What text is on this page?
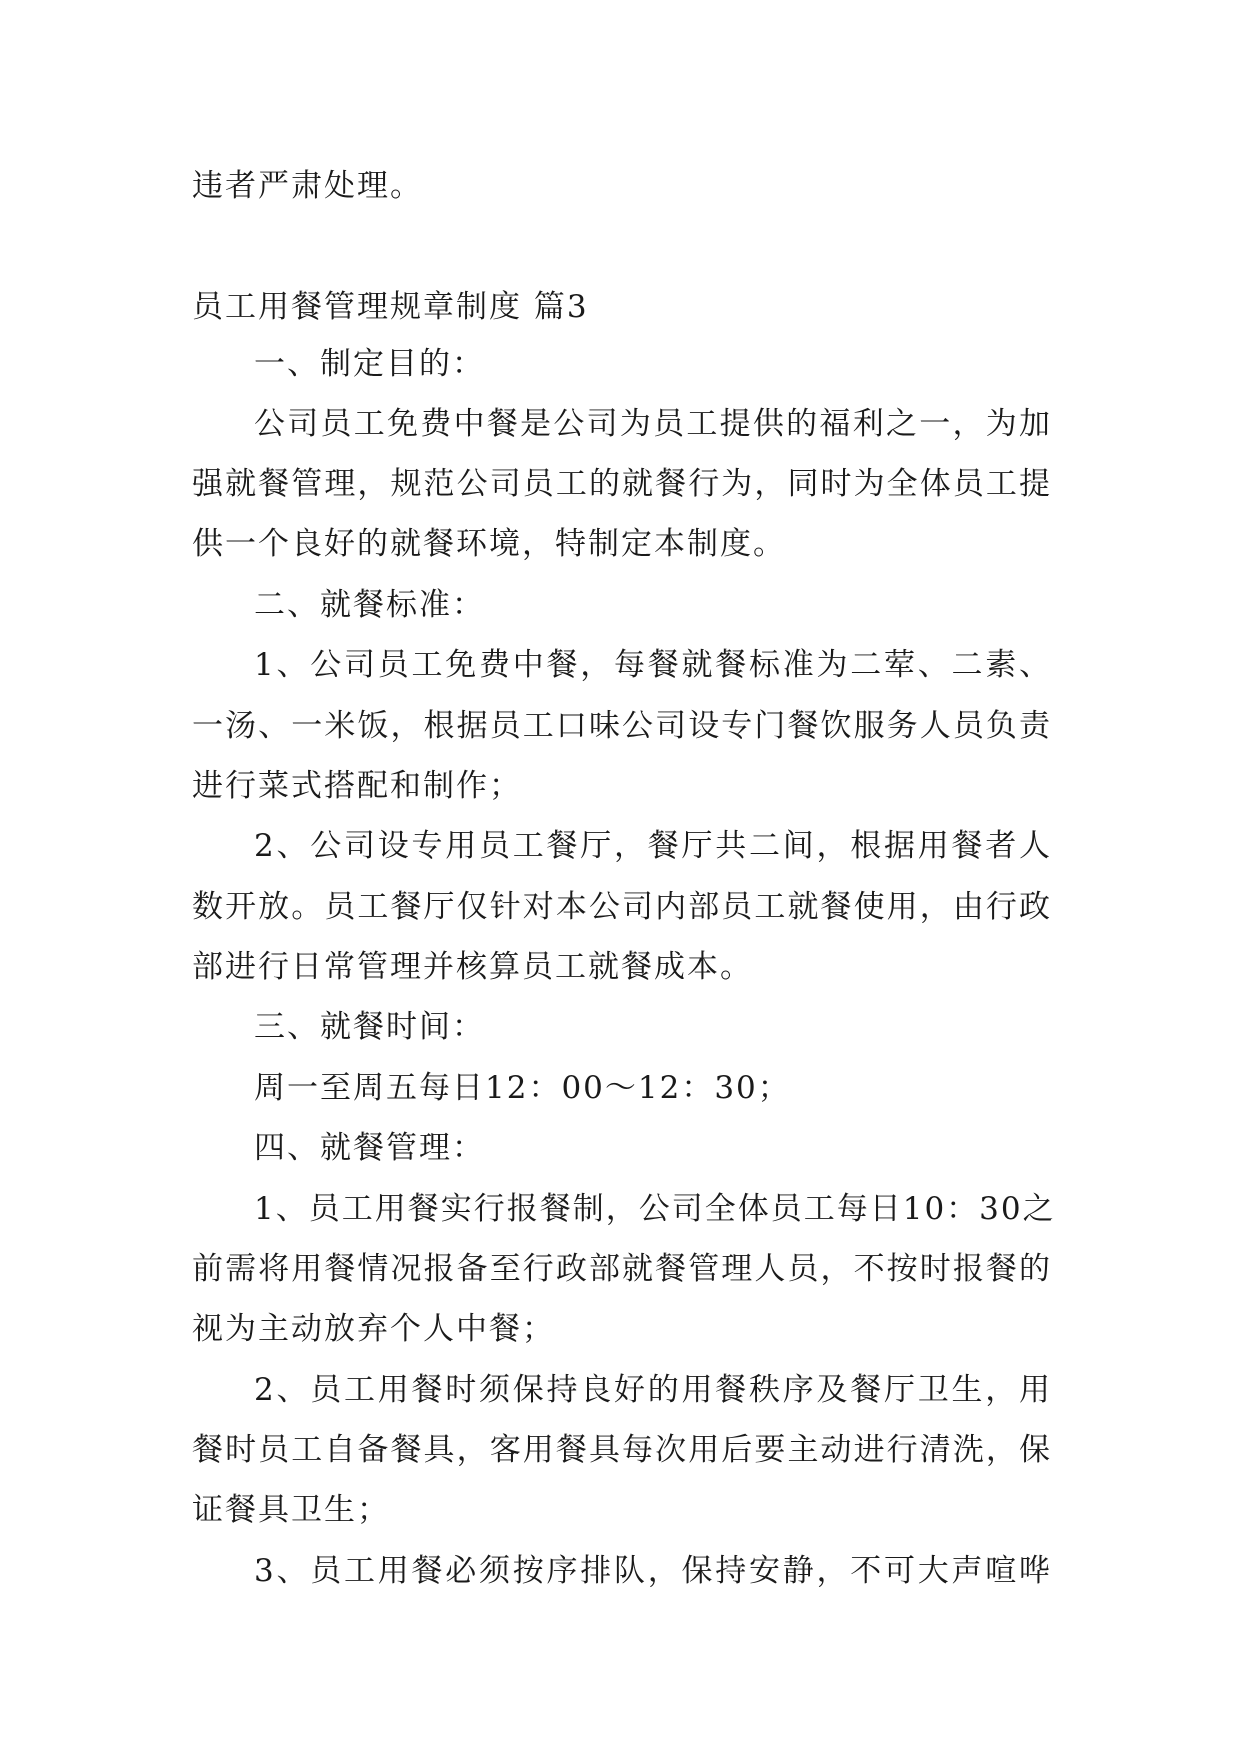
违者严肃处理。
员工用餐管理规章制度 篇3
一、制定目的：
公司员工免费中餐是公司为员工提供的福利之一，为加
强就餐管理，规范公司员工的就餐行为，同时为全体员工提
供一个良好的就餐环境，特制定本制度。
二、就餐标准：
1、公司员工免费中餐，每餐就餐标准为二荤、二素、
一汤、一米饭，根据员工口味公司设专门餐饮服务人员负责
进行菜式搭配和制作；
2、公司设专用员工餐厅，餐厅共二间，根据用餐者人
数开放。员工餐厅仅针对本公司内部员工就餐使用，由行政
部进行日常管理并核算员工就餐成本。
三、就餐时间：
周一至周五每日12：00～12：30；
四、就餐管理：
1、员工用餐实行报餐制，公司全体员工每日10：30之
前需将用餐情况报备至行政部就餐管理人员，不按时报餐的
视为主动放弃个人中餐；
2、员工用餐时须保持良好的用餐秩序及餐厅卫生，用
餐时员工自备餐具，客用餐具每次用后要主动进行清洗，保
证餐具卫生；
3、员工用餐必须按序排队，保持安静，不可大声喧哗
